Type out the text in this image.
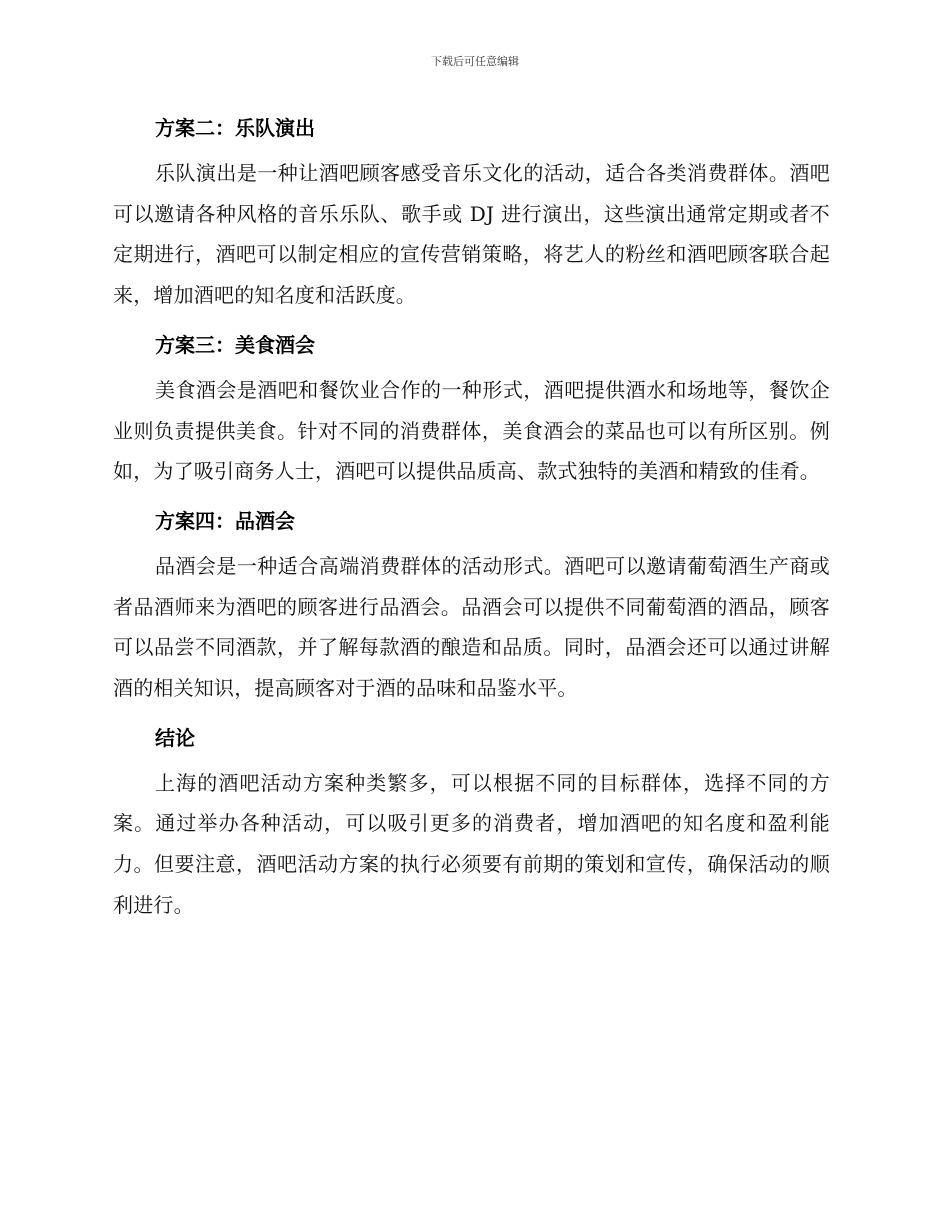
下载后可任意编辑
方案二：乐队演出

乐队演出是一种让酒吧顾客感受音乐文化的活动，适合各类消费群体。酒吧可以邀请各种风格的音乐乐队、歌手或 DJ 进行演出，这些演出通常定期或者不定期进行，酒吧可以制定相应的宣传营销策略，将艺人的粉丝和酒吧顾客联合起来，增加酒吧的知名度和活跃度。

方案三：美食酒会

美食酒会是酒吧和餐饮业合作的一种形式，酒吧提供酒水和场地等，餐饮企业则负责提供美食。针对不同的消费群体，美食酒会的菜品也可以有所区别。例如，为了吸引商务人士，酒吧可以提供品质高、款式独特的美酒和精致的佳肴。

方案四：品酒会

品酒会是一种适合高端消费群体的活动形式。酒吧可以邀请葡萄酒生产商或者品酒师来为酒吧的顾客进行品酒会。品酒会可以提供不同葡萄酒的酒品，顾客可以品尝不同酒款，并了解每款酒的酿造和品质。同时，品酒会还可以通过讲解酒的相关知识，提高顾客对于酒的品味和品鉴水平。

结论

上海的酒吧活动方案种类繁多，可以根据不同的目标群体，选择不同的方案。通过举办各种活动，可以吸引更多的消费者，增加酒吧的知名度和盈利能力。但要注意，酒吧活动方案的执行必须要有前期的策划和宣传，确保活动的顺利进行。
